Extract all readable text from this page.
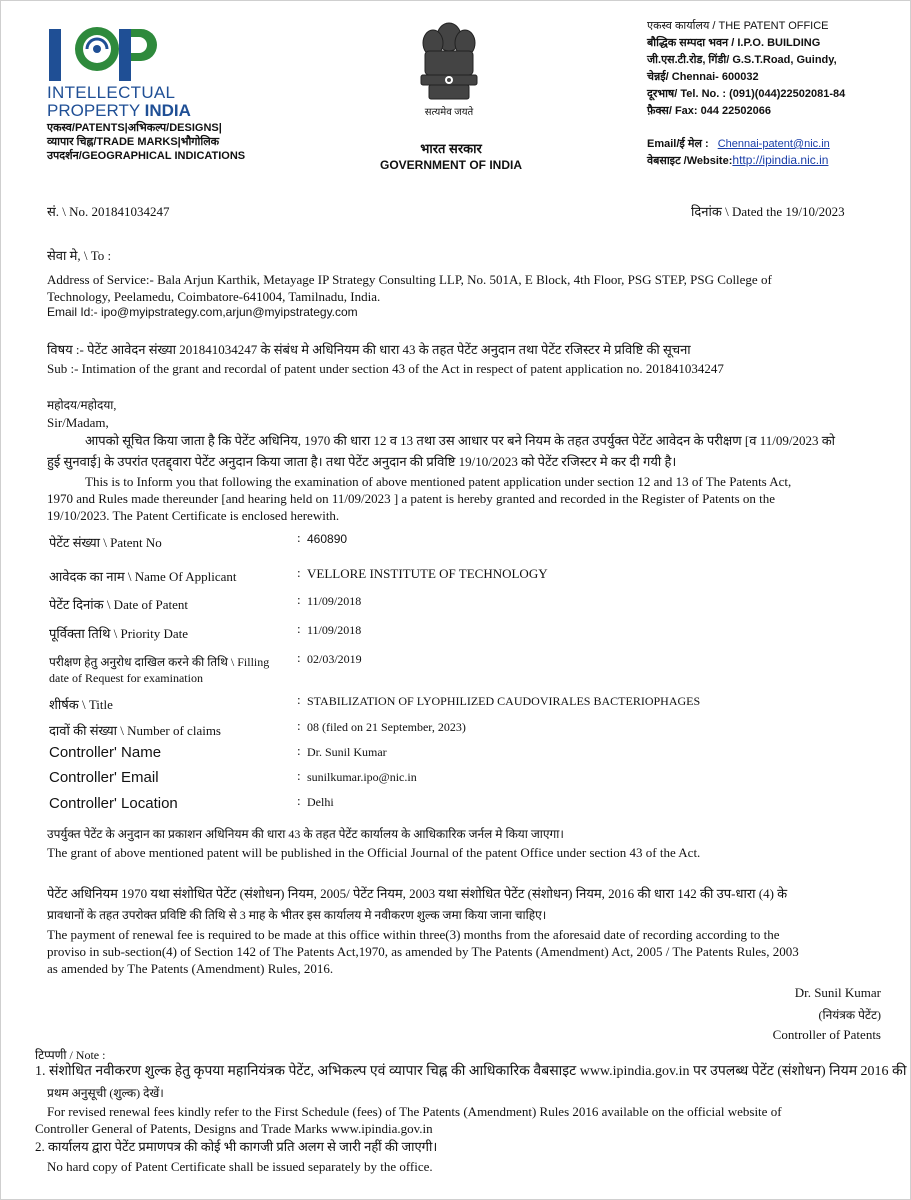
INTELLECTUAL
PROPERTY INDIA
एकस्व/PATENTS|अभिकल्प/DESIGNS|
व्यापार चिह्न/TRADE MARKS|भौगोलिक
उपदर्शन/GEOGRAPHICAL INDICATIONS
सत्यमेव जयते
भारत सरकार
GOVERNMENT OF INDIA
एकस्व कार्यालय / THE PATENT OFFICE
बौद्धिक सम्पदा भवन / I.P.O. BUILDING
जी.एस.टी.रोड, गिंडी/ G.S.T.Road, Guindy,
चेन्नई/ Chennai- 600032
दूरभाष/ Tel. No. : (091)(044)22502081-84
फ़ैक्स/ Fax: 044 22502066
Email/ई मेल : Chennai-patent@nic.in
वेबसाइट /Website:http://ipindia.nic.in
सं. \ No. 201841034247	दिनांक \ Dated the 19/10/2023
सेवा मे, \ To :
Address of Service:- Bala Arjun Karthik, Metayage IP Strategy Consulting LLP, No. 501A, E Block, 4th Floor, PSG STEP, PSG College of
Technology, Peelamedu, Coimbatore-641004, Tamilnadu, India.
Email Id:- ipo@myipstrategy.com,arjun@myipstrategy.com
विषय :- पेटेंट आवेदन संख्या 201841034247 के संबंध मे अधिनियम की धारा 43 के तहत पेटेंट अनुदान तथा पेटेंट रजिस्टर मे प्रविष्टि की सूचना
Sub :- Intimation of the grant and recordal of patent under section 43 of the Act in respect of patent application no. 201841034247
महोदय/महोदया,
Sir/Madam,
आपको सूचित किया जाता है कि पेटेंट अधिनिय, 1970 की धारा 12 व 13 तथा उस आधार पर बने नियम के तहत उपर्युक्त पेटेंट आवेदन के परीक्षण [व 11/09/2023 को
हुई सुनवाई] के उपरांत एतद्द्वारा पेटेंट अनुदान किया जाता है। तथा पेटेंट अनुदान की प्रविष्टि 19/10/2023 को पेटेंट रजिस्टर मे कर दी गयी है।
This is to Inform you that following the examination of above mentioned patent application under section 12 and 13 of The Patents Act,
1970 and Rules made thereunder [and hearing held on 11/09/2023 ] a patent is hereby granted and recorded in the Register of Patents on the
19/10/2023. The Patent Certificate is enclosed herewith.
पेटेंट संख्या \ Patent No	: 460890
आवेदक का नाम \ Name Of Applicant	: VELLORE INSTITUTE OF TECHNOLOGY
पेटेंट दिनांक \ Date of Patent	: 11/09/2018
पूर्विक्ता तिथि \ Priority Date	: 11/09/2018
परीक्षण हेतु अनुरोध दाखिल करने की तिथि \ Filling
date of Request for examination
: 02/03/2019
शीर्षक \ Title	: STABILIZATION OF LYOPHILIZED CAUDOVIRALES BACTERIOPHAGES
दावों की संख्या \ Number of claims	: 08 (filed on 21 September, 2023)
Controller' Name	: Dr. Sunil Kumar
Controller' Email	: sunilkumar.ipo@nic.in
Controller' Location	: Delhi
उपर्युक्त पेटेंट के अनुदान का प्रकाशन अधिनियम की धारा 43 के तहत पेटेंट कार्यालय के आधिकारिक जर्नल मे किया जाएगा।
The grant of above mentioned patent will be published in the Official Journal of the patent Office under section 43 of the Act.
पेटेंट अधिनियम 1970 यथा संशोधित पेटेंट (संशोधन) नियम, 2005/ पेटेंट नियम, 2003 यथा संशोधित पेटेंट (संशोधन) नियम, 2016 की धारा 142 की उप-धारा (4) के
प्रावधानों के तहत उपरोक्त प्रविष्टि की तिथि से 3 माह के भीतर इस कार्यालय मे नवीकरण शुल्क जमा किया जाना चाहिए।
The payment of renewal fee is required to be made at this office within three(3) months from the aforesaid date of recording according to the
proviso in sub-section(4) of Section 142 of The Patents Act,1970, as amended by The Patents (Amendment) Act, 2005 / The Patents Rules, 2003
as amended by The Patents (Amendment) Rules, 2016.
Dr. Sunil Kumar
(नियंत्रक पेटेंट)
Controller of Patents
टिप्पणी / Note :
1. संशोधित नवीकरण शुल्क हेतु कृपया महानियंत्रक पेटेंट, अभिकल्प एवं व्यापार चिह्न की आधिकारिक वैबसाइट www.ipindia.gov.in पर उपलब्ध पेटेंट (संशोधन) नियम 2016 की
प्रथम अनुसूची (शुल्क) देखें।
For revised renewal fees kindly refer to the First Schedule (fees) of The Patents (Amendment) Rules 2016 available on the official website of
Controller General of Patents, Designs and Trade Marks www.ipindia.gov.in
2. कार्यालय द्वारा पेटेंट प्रमाणपत्र की कोई भी कागजी प्रति अलग से जारी नहीं की जाएगी।
No hard copy of Patent Certificate shall be issued separately by the office.
